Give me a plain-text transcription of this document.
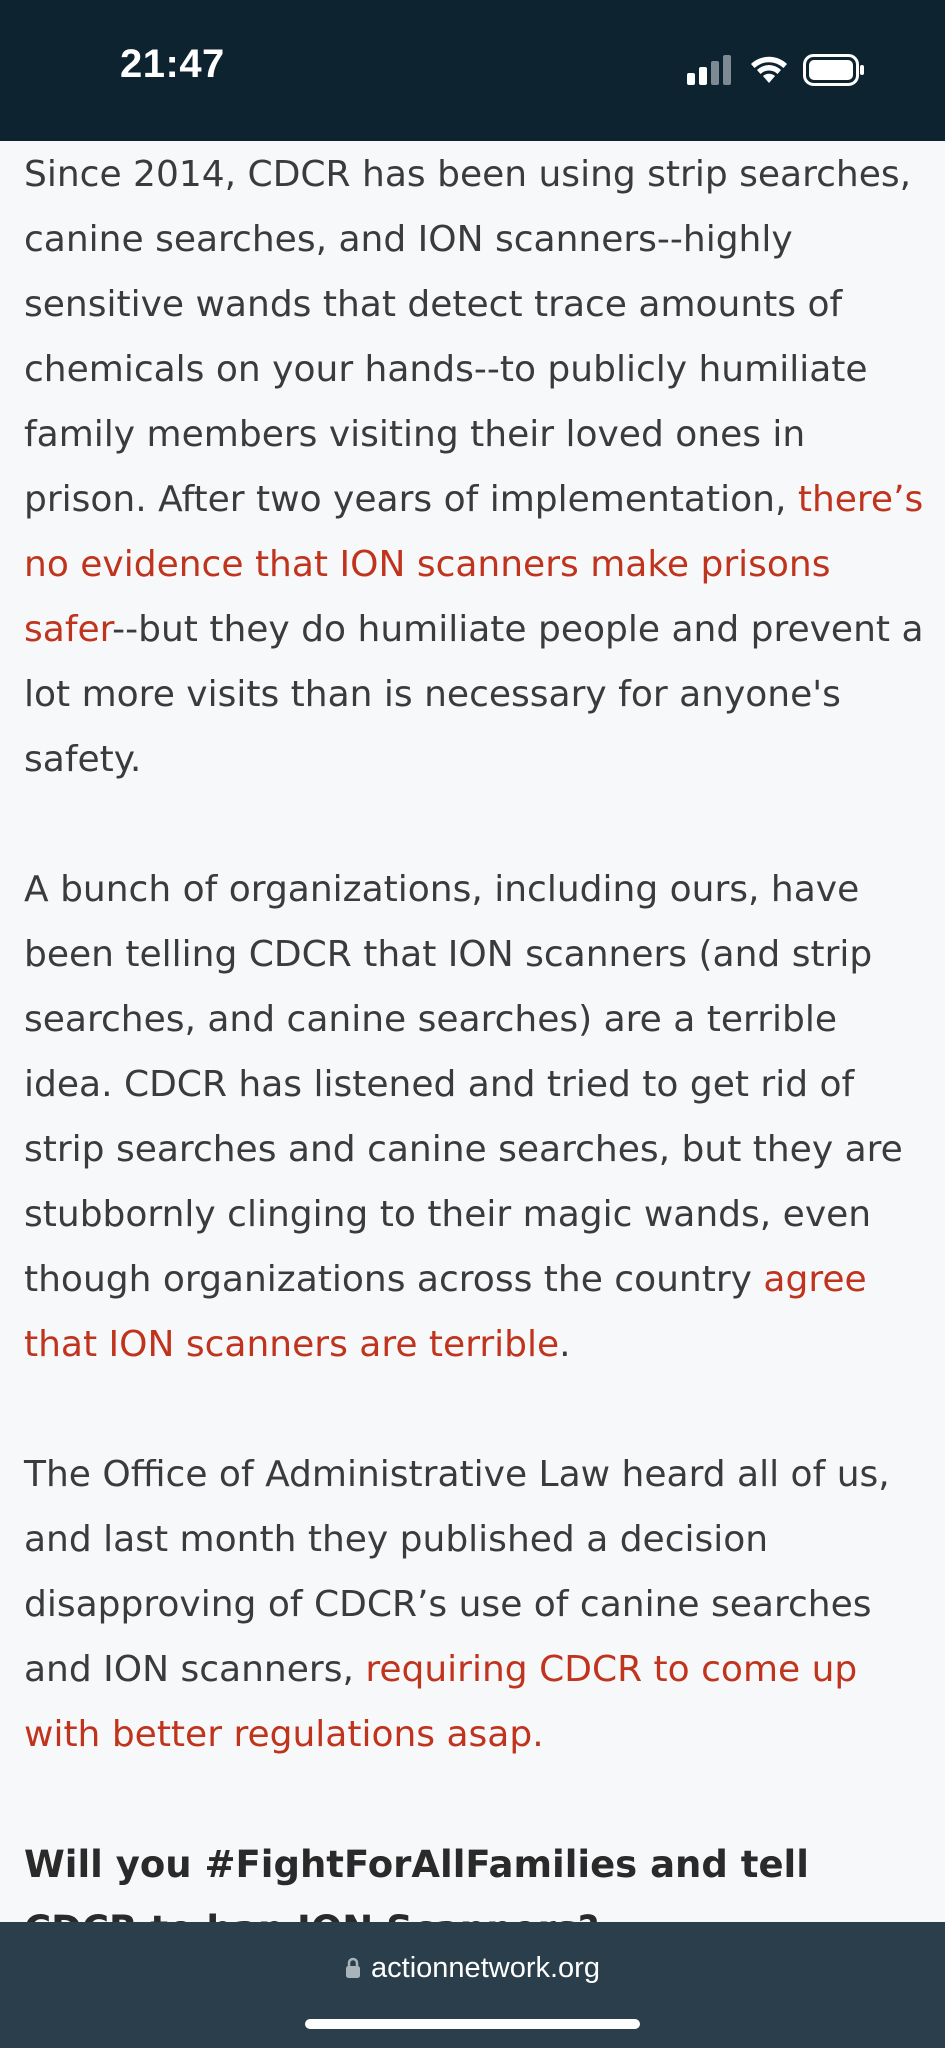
21:47

Since 2014, CDCR has been using strip searches, canine searches, and ION scanners--highly sensitive wands that detect trace amounts of chemicals on your hands--to publicly humiliate family members visiting their loved ones in prison. After two years of implementation, there’s no evidence that ION scanners make prisons safer--but they do humiliate people and prevent a lot more visits than is necessary for anyone's safety.

A bunch of organizations, including ours, have been telling CDCR that ION scanners (and strip searches, and canine searches) are a terrible idea. CDCR has listened and tried to get rid of strip searches and canine searches, but they are stubbornly clinging to their magic wands, even though organizations across the country agree that ION scanners are terrible.

The Office of Administrative Law heard all of us, and last month they published a decision disapproving of CDCR’s use of canine searches and ION scanners, requiring CDCR to come up with better regulations asap.

Will you #FightForAllFamilies and tell

actionnetwork.org
